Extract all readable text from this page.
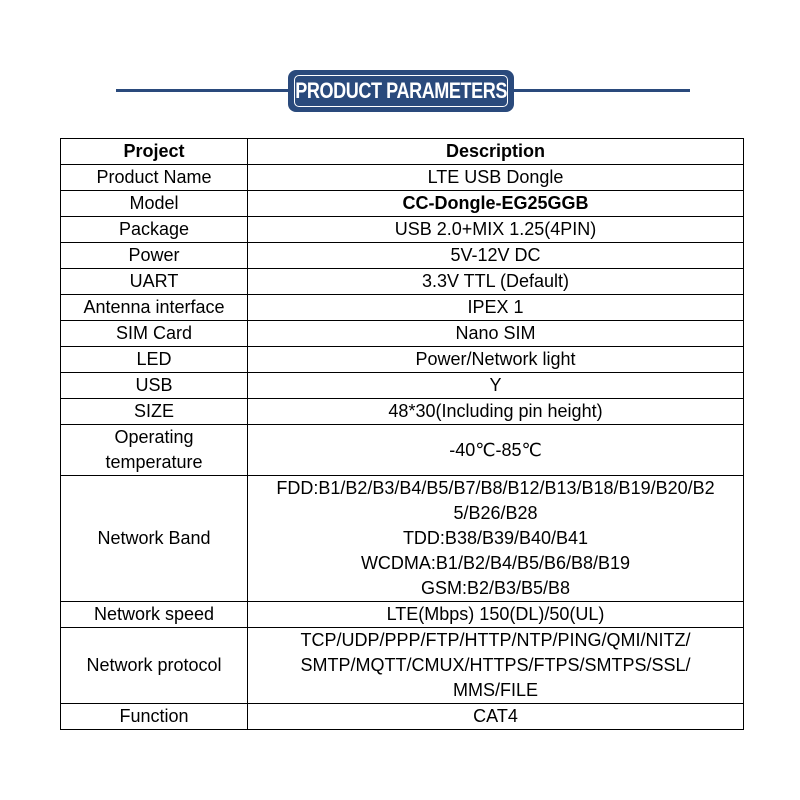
PRODUCT PARAMETERS
Project	Description

Product Name	LTE USB Dongle

Model	CC-Dongle-EG25GGB

Package	USB 2.0+MIX 1.25(4PIN)

Power	5V-12V DC

UART	3.3V TTL (Default)

Antenna interface	IPEX 1

SIM Card	Nano SIM

LED	Power/Network light

USB	Y

SIZE	48*30(Including pin height)

Operating
temperature	-40℃-85℃

Network Band	FDD:B1/B2/B3/B4/B5/B7/B8/B12/B13/B18/B19/B20/B2
5/B26/B28
TDD:B38/B39/B40/B41
WCDMA:B1/B2/B4/B5/B6/B8/B19
GSM:B2/B3/B5/B8

Network speed	LTE(Mbps) 150(DL)/50(UL)

Network protocol	TCP/UDP/PPP/FTP/HTTP/NTP/PING/QMI/NITZ/
SMTP/MQTT/CMUX/HTTPS/FTPS/SMTPS/SSL/
MMS/FILE

Function	CAT4
